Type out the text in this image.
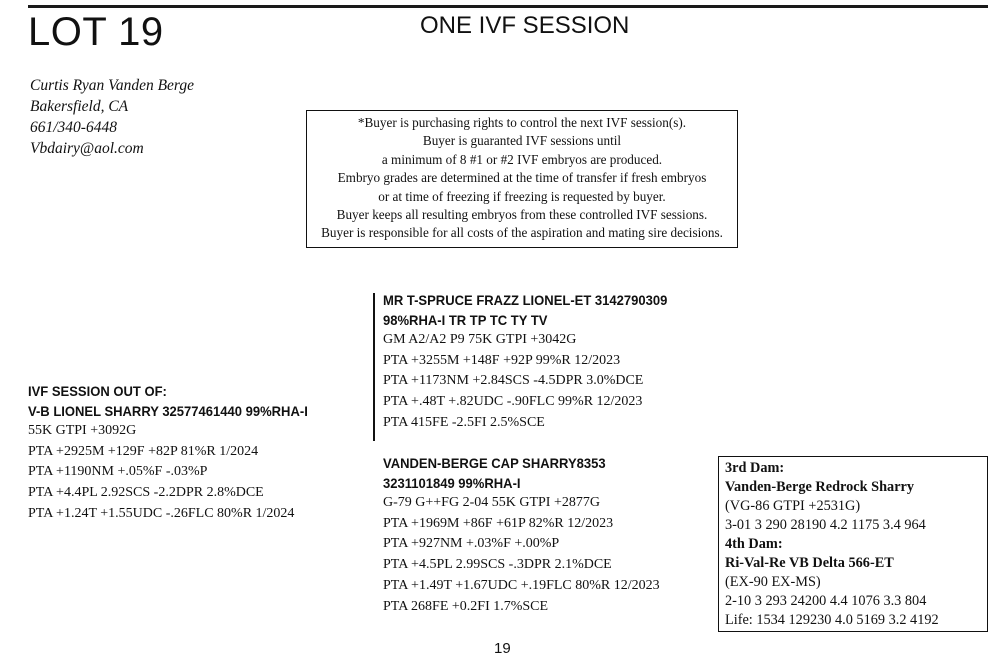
LOT 19	ONE IVF SESSION
Curtis Ryan Vanden Berge
Bakersfield, CA
661/340-6448
Vbdairy@aol.com
*Buyer is purchasing rights to control the next IVF session(s).
Buyer is guaranted IVF sessions until
a minimum of 8 #1 or #2 IVF embryos are produced.
Embryo grades are determined at the time of transfer if fresh embryos
or at time of freezing if freezing is requested by buyer.
Buyer keeps all resulting embryos from these controlled IVF sessions.
Buyer is responsible for all costs of the aspiration and mating sire decisions.
IVF SESSION OUT OF:
V-B LIONEL SHARRY 32577461440 99%RHA-I
55K GTPI +3092G
PTA +2925M +129F +82P 81%R 1/2024
PTA +1190NM +.05%F -.03%P
PTA +4.4PL 2.92SCS -2.2DPR 2.8%DCE
PTA +1.24T +1.55UDC -.26FLC 80%R 1/2024
MR T-SPRUCE FRAZZ LIONEL-ET 3142790309
98%RHA-I TR TP TC TY TV
GM A2/A2 P9 75K GTPI +3042G
PTA +3255M +148F +92P 99%R 12/2023
PTA +1173NM +2.84SCS -4.5DPR 3.0%DCE
PTA +.48T +.82UDC -.90FLC 99%R 12/2023
PTA 415FE -2.5FI 2.5%SCE
VANDEN-BERGE CAP SHARRY8353
3231101849 99%RHA-I
G-79 G++FG 2-04 55K GTPI +2877G
PTA +1969M +86F +61P 82%R 12/2023
PTA +927NM +.03%F +.00%P
PTA +4.5PL 2.99SCS -.3DPR 2.1%DCE
PTA +1.49T +1.67UDC +.19FLC 80%R 12/2023
PTA 268FE +0.2FI 1.7%SCE
3rd Dam:
Vanden-Berge Redrock Sharry
(VG-86 GTPI +2531G)
3-01 3 290 28190 4.2 1175 3.4 964
4th Dam:
Ri-Val-Re VB Delta 566-ET
(EX-90 EX-MS)
2-10 3 293 24200 4.4 1076 3.3 804
Life: 1534 129230 4.0 5169 3.2 4192
19
